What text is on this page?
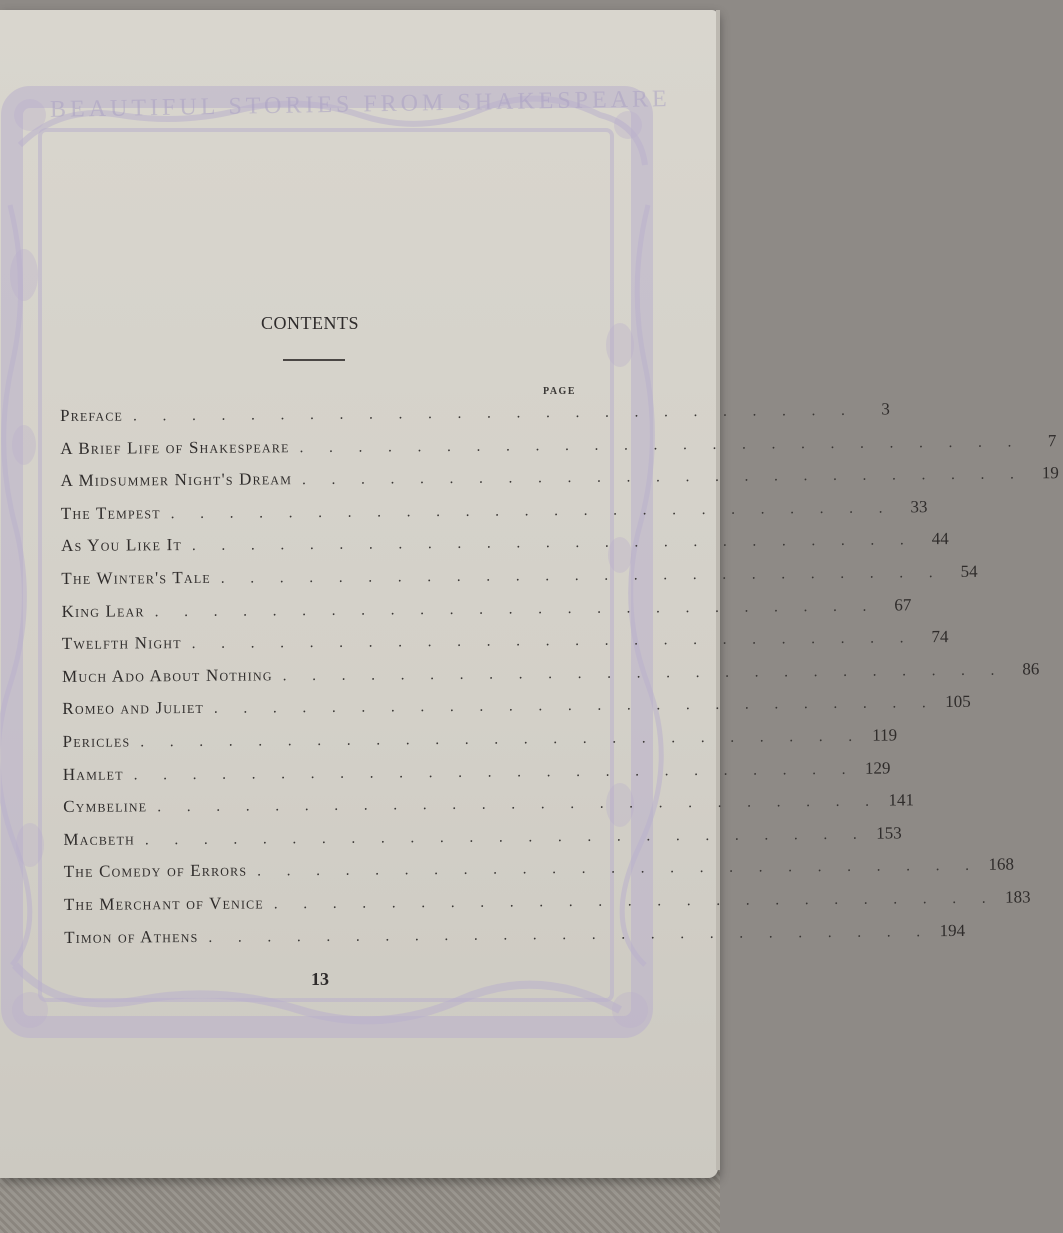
BEAUTIFUL STORIES FROM SHAKESPEARE
CONTENTS
PAGE
Preface . . . . . . . . . . . . . . . . . . . . . . . . .	3
A Brief Life of Shakespeare . . . . . . . . . . . . . . . . . . . . . . . . .	7
A Midsummer Night's Dream . . . . . . . . . . . . . . . . . . . . . . . . . 19
The Tempest . . . . . . . . . . . . . . . . . . . . . . . . . 33
As You Like It . . . . . . . . . . . . . . . . . . . . . . . . . 44
The Winter's Tale . . . . . . . . . . . . . . . . . . . . . . . . . 54
King Lear . . . . . . . . . . . . . . . . . . . . . . . . . 67
Twelfth Night . . . . . . . . . . . . . . . . . . . . . . . . . 74
Much Ado About Nothing . . . . . . . . . . . . . . . . . . . . . . . . . 86
Romeo and Juliet . . . . . . . . . . . . . . . . . . . . . . . . . 105
Pericles . . . . . . . . . . . . . . . . . . . . . . . . . 119
Hamlet . . . . . . . . . . . . . . . . . . . . . . . . . 129
Cymbeline . . . . . . . . . . . . . . . . . . . . . . . . . 141
Macbeth . . . . . . . . . . . . . . . . . . . . . . . . . 153
The Comedy of Errors . . . . . . . . . . . . . . . . . . . . . . . . . 168
The Merchant of Venice . . . . . . . . . . . . . . . . . . . . . . . . . 183
Timon of Athens . . . . . . . . . . . . . . . . . . . . . . . . . 194
13
